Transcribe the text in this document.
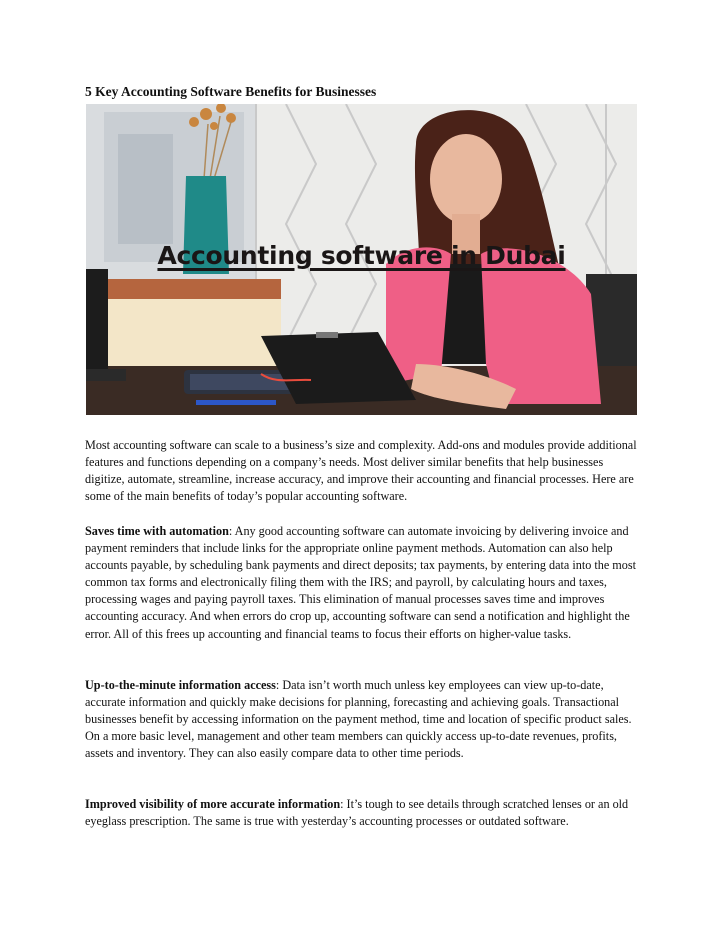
5 Key Accounting Software Benefits for Businesses
Accounting software in Dubai

Most accounting software can scale to a business’s size and complexity. Add-ons and modules provide additional features and functions depending on a company’s needs. Most deliver similar benefits that help businesses digitize, automate, streamline, increase accuracy, and improve their accounting and financial processes. Here are some of the main benefits of today’s popular accounting software.

Saves time with automation: Any good accounting software can automate invoicing by delivering invoice and payment reminders that include links for the appropriate online payment methods. Automation can also help accounts payable, by scheduling bank payments and direct deposits; tax payments, by entering data into the most common tax forms and electronically filing them with the IRS; and payroll, by calculating hours and taxes, processing wages and paying payroll taxes. This elimination of manual processes saves time and improves accounting accuracy. And when errors do crop up, accounting software can send a notification and highlight the error. All of this frees up accounting and financial teams to focus their efforts on higher-value tasks.

Up-to-the-minute information access: Data isn’t worth much unless key employees can view up-to-date, accurate information and quickly make decisions for planning, forecasting and achieving goals. Transactional businesses benefit by accessing information on the payment method, time and location of specific product sales. On a more basic level, management and other team members can quickly access up-to-date revenues, profits, assets and inventory. They can also easily compare data to other time periods.

Improved visibility of more accurate information: It’s tough to see details through scratched lenses or an old eyeglass prescription. The same is true with yesterday’s accounting processes or outdated software.
